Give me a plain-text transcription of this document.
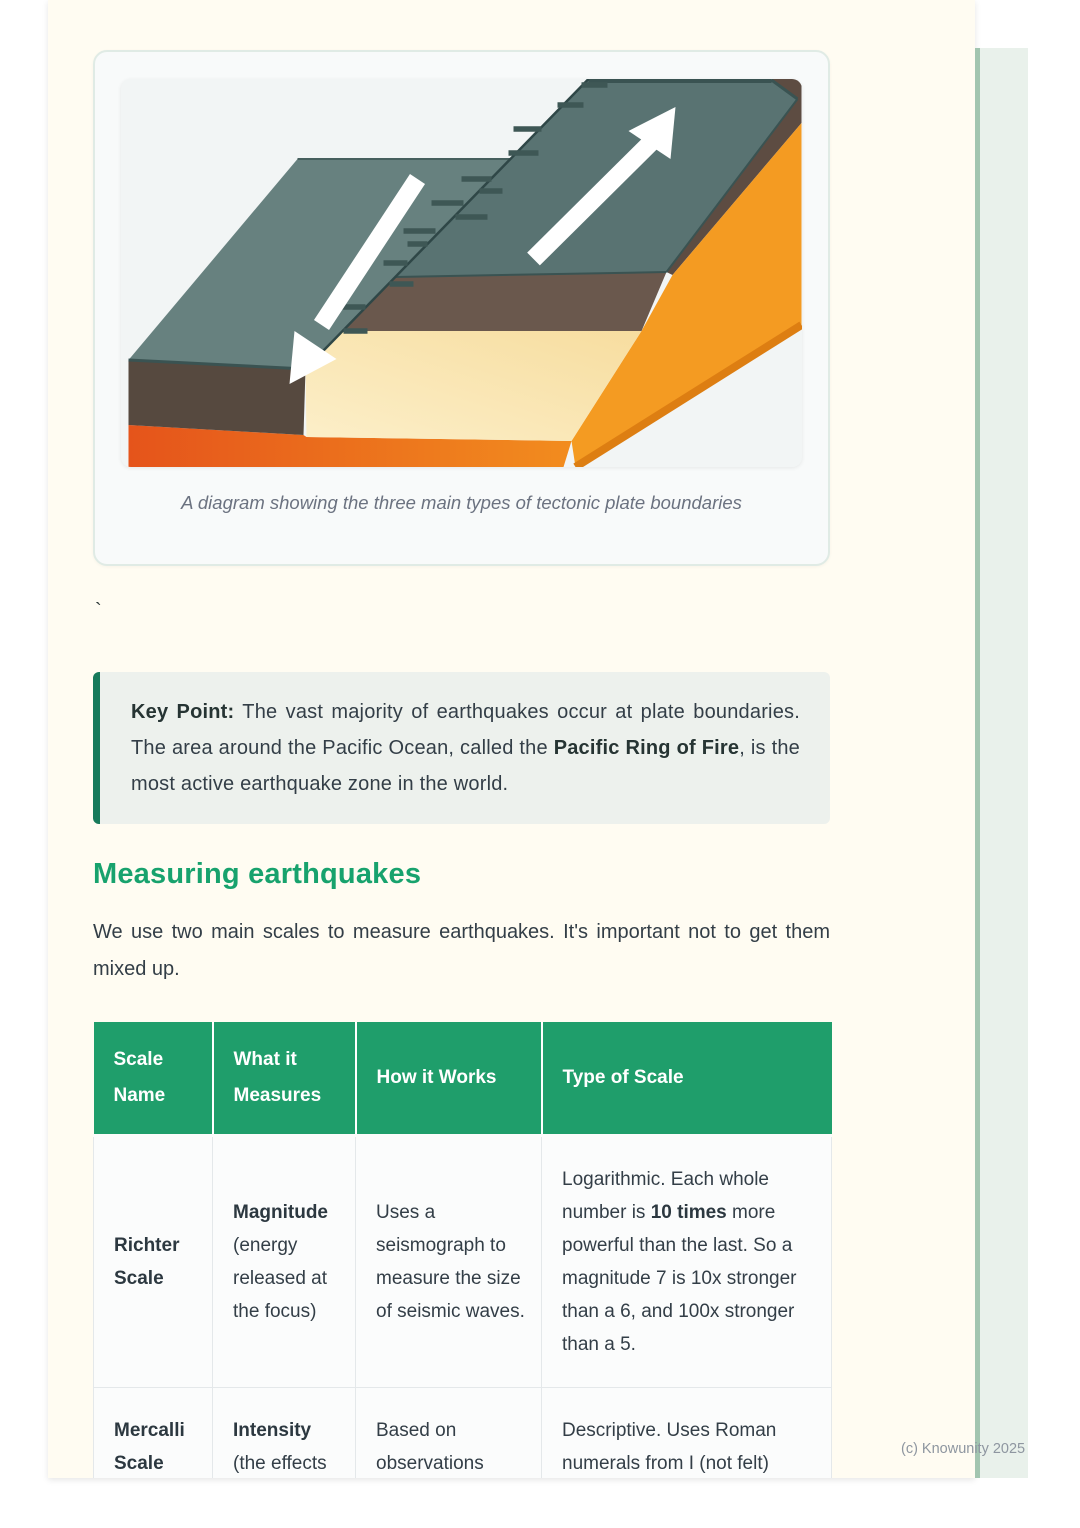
A diagram showing the three main types of tectonic plate boundaries
`

Key Point: The vast majority of earthquakes occur at plate boundaries. The area around the Pacific Ocean, called the Pacific Ring of Fire, is the most active earthquake zone in the world.

Measuring earthquakes

We use two main scales to measure earthquakes. It's important not to get them mixed up.

Scale Name	What it Measures	How it Works	Type of Scale
Richter Scale	Magnitude (energy released at the focus)	Uses a seismograph to measure the size of seismic waves.	Logarithmic. Each whole number is 10 times more powerful than the last. So a magnitude 7 is 10x stronger than a 6, and 100x stronger than a 5.
Mercalli Scale	Intensity (the effects	Based on observations	Descriptive. Uses Roman numerals from I (not felt)
(c) Knowunity 2025
